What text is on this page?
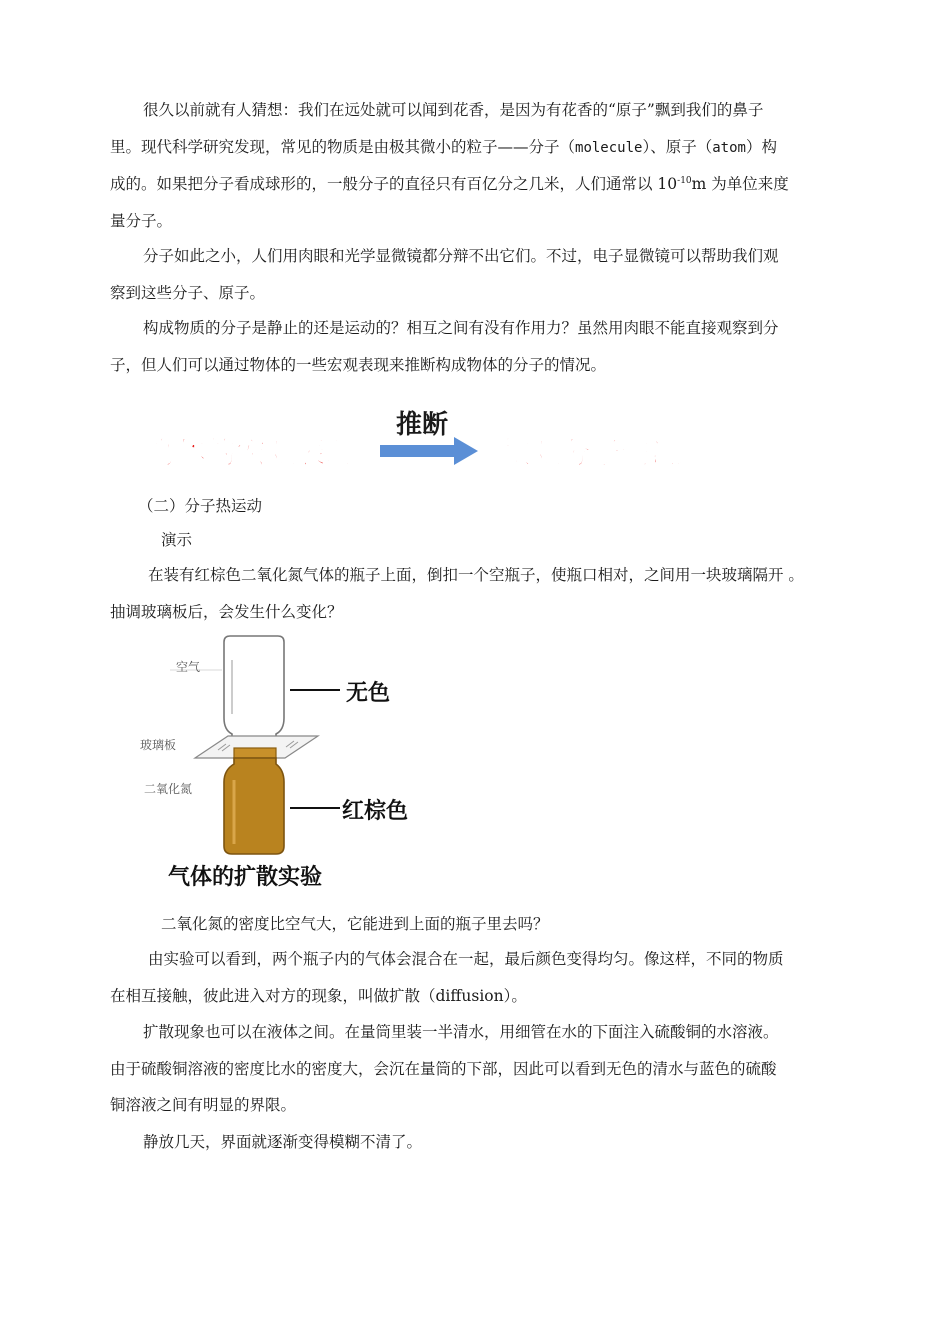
很久以前就有人猜想：我们在远处就可以闻到花香，是因为有花香的“原子”飘到我们的鼻子
里。现代科学研究发现，常见的物质是由极其微小的粒子——分子（molecule）、原子（atom）构
成的。如果把分子看成球形的，一般分子的直径只有百亿分之几米，人们通常以 $10^{-10}m$ 为单位来度
量分子。
分子如此之小，人们用肉眼和光学显微镜都分辩不出它们。不过，电子显微镜可以帮助我们观
察到这些分子、原子。
构成物质的分子是静止的还是运动的？相互之间有没有作用力？虽然用肉眼不能直接观察到分
子，但人们可以通过物体的一些宏观表现来推断构成物体的分子的情况。
物体的宏观表现
推断
微观分子情况
（二）分子热运动
演示
在装有红棕色二氧化氮气体的瓶子上面，倒扣一个空瓶子，使瓶口相对，之间用一块玻璃隔开 。
抽调玻璃板后，会发生什么变化？
空气
玻璃板
二氧化氮
无色
红棕色
气体的扩散实验
二氧化氮的密度比空气大，它能进到上面的瓶子里去吗？
由实验可以看到，两个瓶子内的气体会混合在一起，最后颜色变得均匀。像这样，不同的物质
在相互接触，彼此进入对方的现象，叫做扩散（diffusion）。
扩散现象也可以在液体之间。在量筒里装一半清水，用细管在水的下面注入硫酸铜的水溶液。
由于硫酸铜溶液的密度比水的密度大，会沉在量筒的下部，因此可以看到无色的清水与蓝色的硫酸
铜溶液之间有明显的界限。
静放几天，界面就逐渐变得模糊不清了。
